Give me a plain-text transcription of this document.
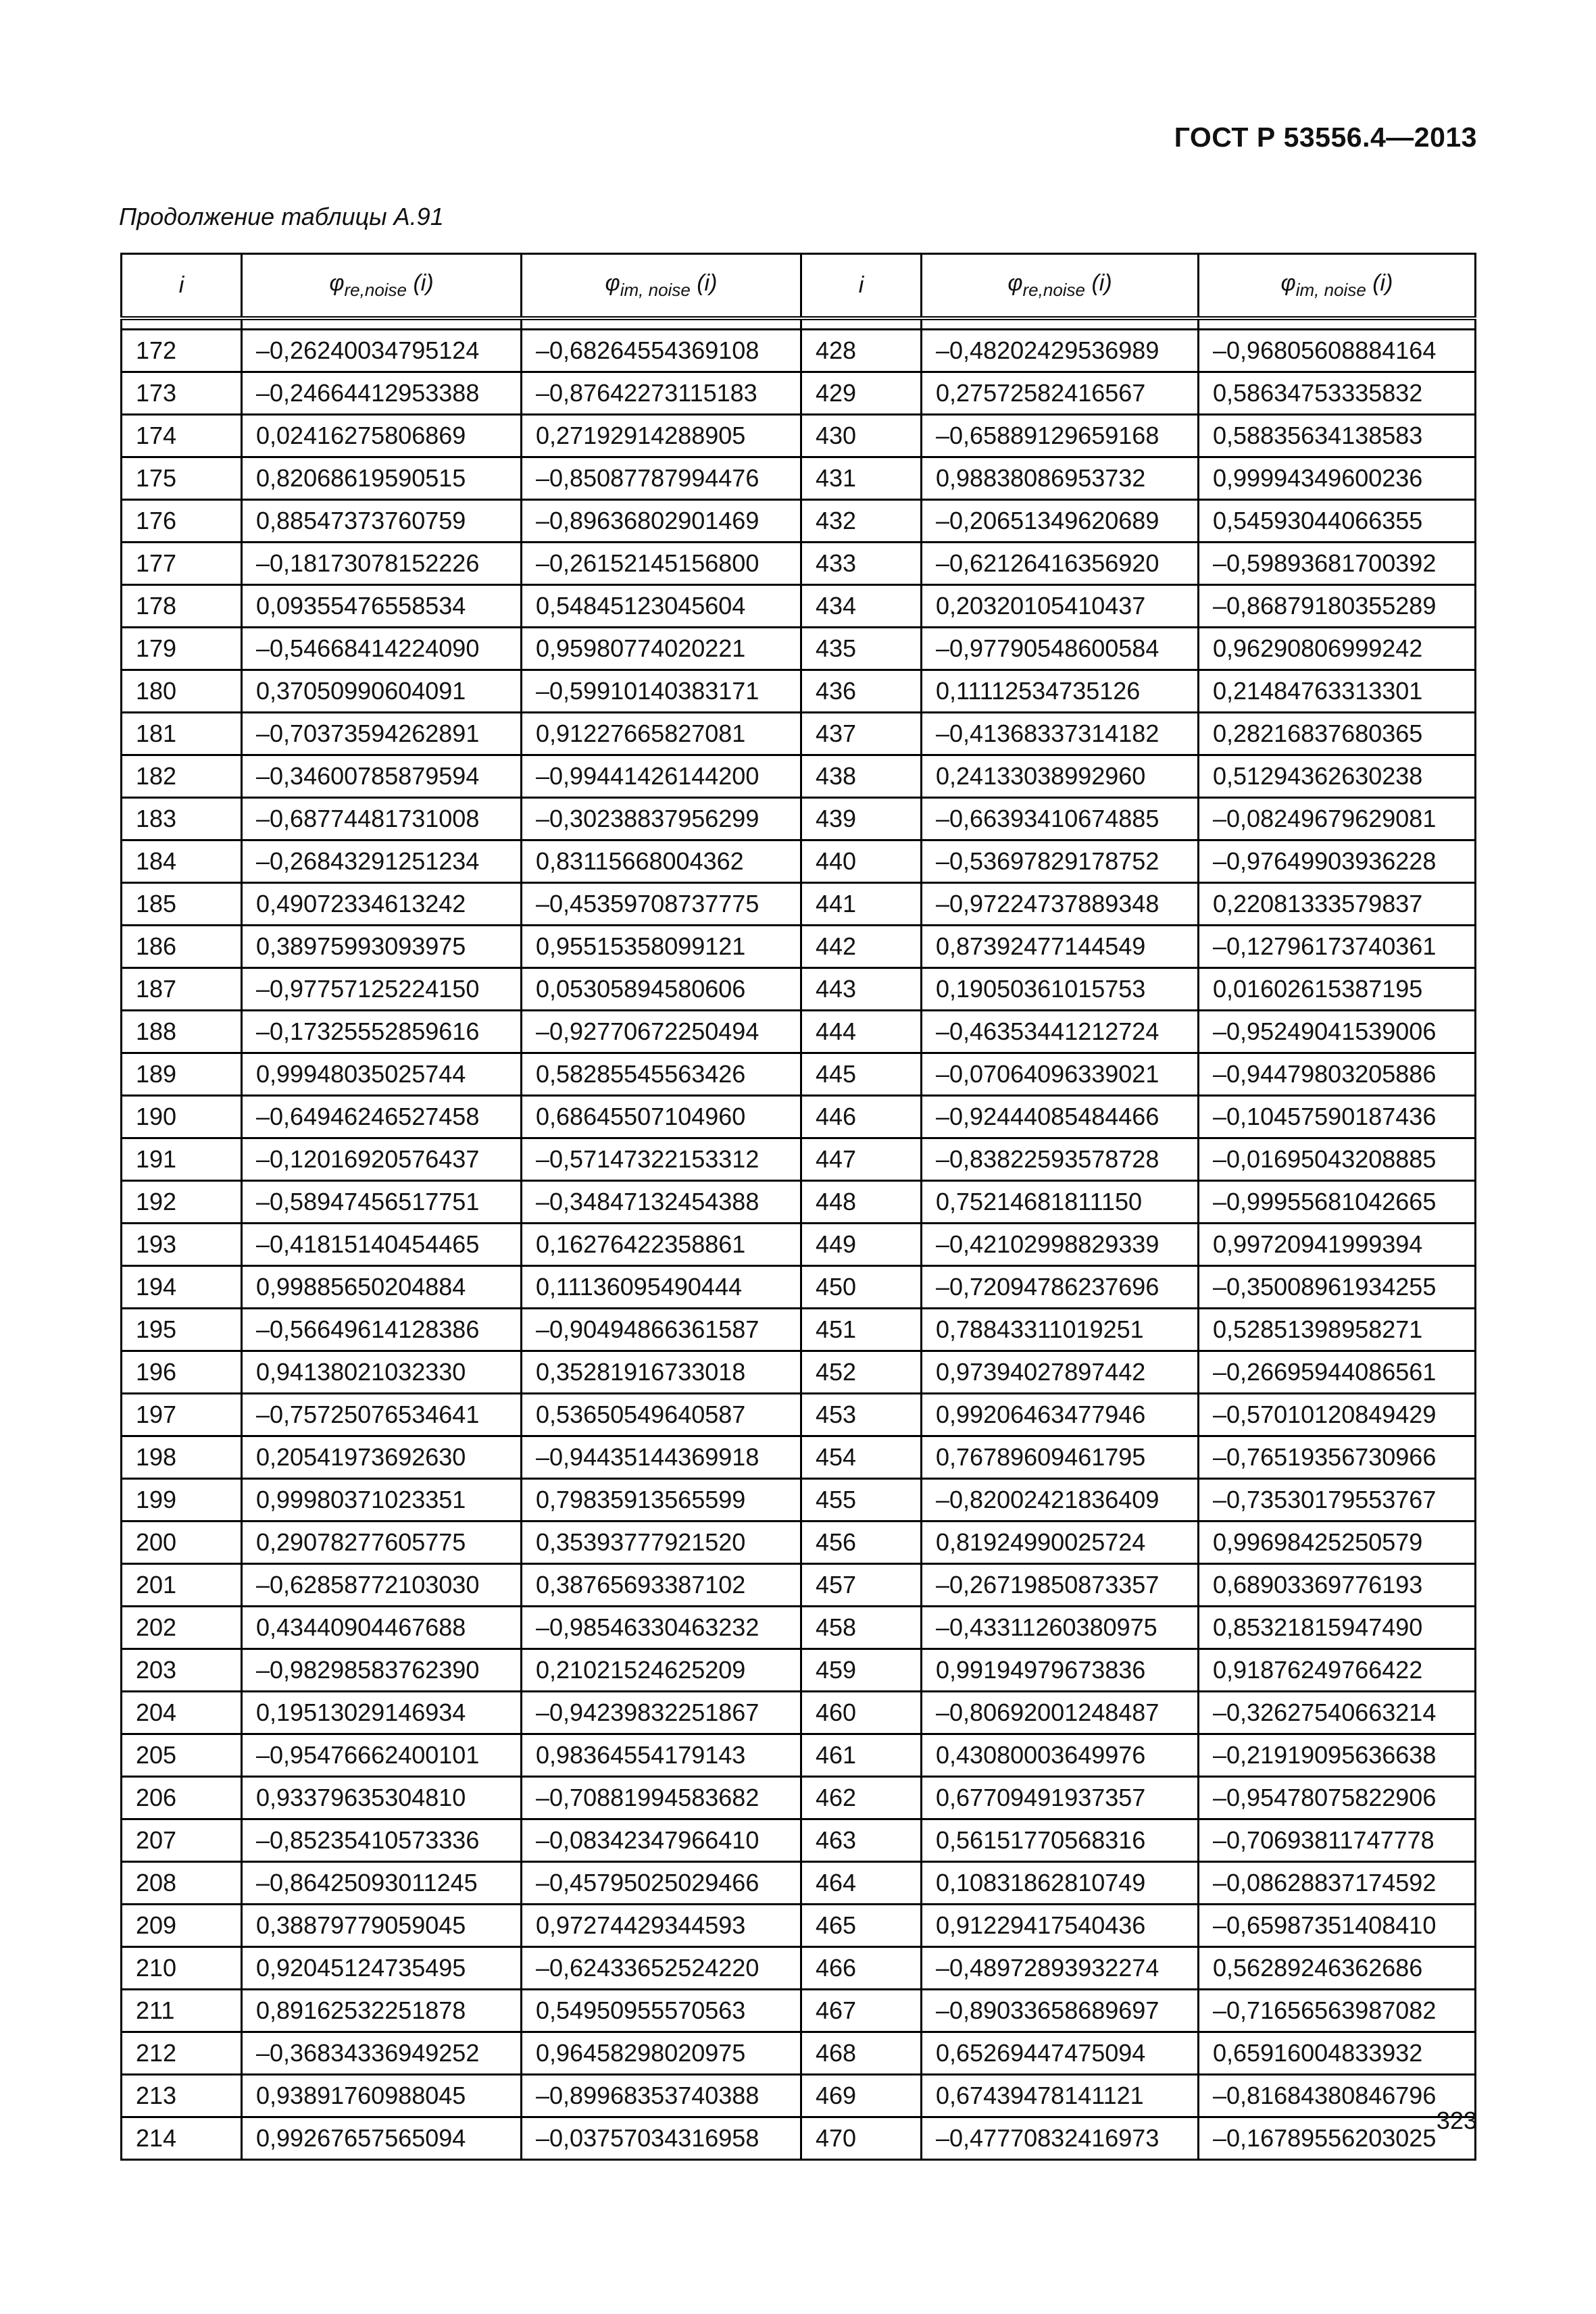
ГОСТ Р 53556.4—2013
Продолжение таблицы А.91
i	$\varphi_{re,noise}$ (i)	$\varphi_{im, noise}$ (i)	i	$\varphi_{re,noise}$ (i)	$\varphi_{im, noise}$ (i)

172	–0,26240034795124	–0,68264554369108	428	–0,48202429536989	–0,96805608884164
173	–0,24664412953388	–0,87642273115183	429	0,27572582416567	0,58634753335832
174	0,02416275806869	0,27192914288905	430	–0,65889129659168	0,58835634138583
175	0,82068619590515	–0,85087787994476	431	0,98838086953732	0,99994349600236
176	0,88547373760759	–0,89636802901469	432	–0,20651349620689	0,54593044066355
177	–0,18173078152226	–0,26152145156800	433	–0,62126416356920	–0,59893681700392
178	0,09355476558534	0,54845123045604	434	0,20320105410437	–0,86879180355289
179	–0,54668414224090	0,95980774020221	435	–0,97790548600584	0,96290806999242
180	0,37050990604091	–0,59910140383171	436	0,11112534735126	0,21484763313301
181	–0,70373594262891	0,91227665827081	437	–0,41368337314182	0,28216837680365
182	–0,34600785879594	–0,99441426144200	438	0,24133038992960	0,51294362630238
183	–0,68774481731008	–0,30238837956299	439	–0,66393410674885	–0,08249679629081
184	–0,26843291251234	0,83115668004362	440	–0,53697829178752	–0,97649903936228
185	0,49072334613242	–0,45359708737775	441	–0,97224737889348	0,22081333579837
186	0,38975993093975	0,95515358099121	442	0,87392477144549	–0,12796173740361
187	–0,97757125224150	0,05305894580606	443	0,19050361015753	0,01602615387195
188	–0,17325552859616	–0,92770672250494	444	–0,46353441212724	–0,95249041539006
189	0,99948035025744	0,58285545563426	445	–0,07064096339021	–0,94479803205886
190	–0,64946246527458	0,68645507104960	446	–0,92444085484466	–0,10457590187436
191	–0,12016920576437	–0,57147322153312	447	–0,83822593578728	–0,01695043208885
192	–0,58947456517751	–0,34847132454388	448	0,75214681811150	–0,99955681042665
193	–0,41815140454465	0,16276422358861	449	–0,42102998829339	0,99720941999394
194	0,99885650204884	0,11136095490444	450	–0,72094786237696	–0,35008961934255
195	–0,56649614128386	–0,90494866361587	451	0,78843311019251	0,52851398958271
196	0,94138021032330	0,35281916733018	452	0,97394027897442	–0,26695944086561
197	–0,75725076534641	0,53650549640587	453	0,99206463477946	–0,57010120849429
198	0,20541973692630	–0,94435144369918	454	0,76789609461795	–0,76519356730966
199	0,99980371023351	0,79835913565599	455	–0,82002421836409	–0,73530179553767
200	0,29078277605775	0,35393777921520	456	0,81924990025724	0,99698425250579
201	–0,62858772103030	0,38765693387102	457	–0,26719850873357	0,68903369776193
202	0,43440904467688	–0,98546330463232	458	–0,43311260380975	0,85321815947490
203	–0,98298583762390	0,21021524625209	459	0,99194979673836	0,91876249766422
204	0,19513029146934	–0,94239832251867	460	–0,80692001248487	–0,32627540663214
205	–0,95476662400101	0,98364554179143	461	0,43080003649976	–0,21919095636638
206	0,93379635304810	–0,70881994583682	462	0,67709491937357	–0,95478075822906
207	–0,85235410573336	–0,08342347966410	463	0,56151770568316	–0,70693811747778
208	–0,86425093011245	–0,45795025029466	464	0,10831862810749	–0,08628837174592
209	0,38879779059045	0,97274429344593	465	0,91229417540436	–0,65987351408410
210	0,92045124735495	–0,62433652524220	466	–0,48972893932274	0,56289246362686
211	0,89162532251878	0,54950955570563	467	–0,89033658689697	–0,71656563987082
212	–0,36834336949252	0,96458298020975	468	0,65269447475094	0,65916004833932
213	0,93891760988045	–0,89968353740388	469	0,67439478141121	–0,81684380846796
214	0,99267657565094	–0,03757034316958	470	–0,47770832416973	–0,16789556203025
323
